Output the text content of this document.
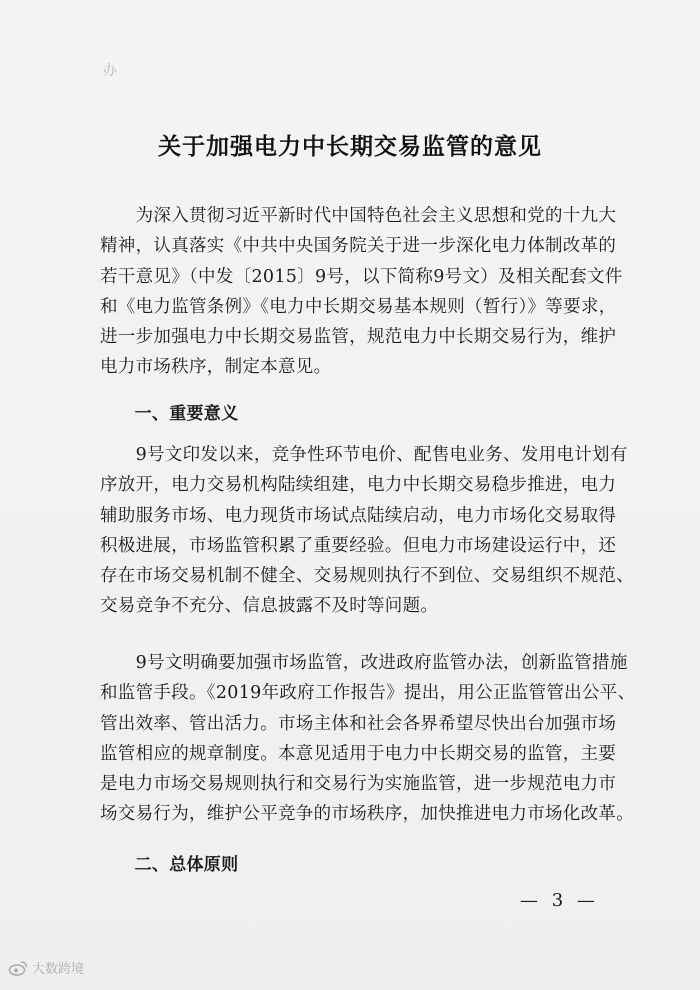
办
关于加强电力中长期交易监管的意见
　　为深入贯彻习近平新时代中国特色社会主义思想和党的十九大
精神，认真落实《中共中央国务院关于进一步深化电力体制改革的
若干意见》（中发〔2015〕9号，以下简称9号文）及相关配套文件
和《电力监管条例》《电力中长期交易基本规则（暂行）》等要求，
进一步加强电力中长期交易监管，规范电力中长期交易行为，维护
电力市场秩序，制定本意见。
　　一、重要意义
　　9号文印发以来，竞争性环节电价、配售电业务、发用电计划有
序放开，电力交易机构陆续组建，电力中长期交易稳步推进，电力
辅助服务市场、电力现货市场试点陆续启动，电力市场化交易取得
积极进展，市场监管积累了重要经验。但电力市场建设运行中，还
存在市场交易机制不健全、交易规则执行不到位、交易组织不规范、
交易竞争不充分、信息披露不及时等问题。
　　9号文明确要加强市场监管，改进政府监管办法，创新监管措施
和监管手段。《2019年政府工作报告》提出，用公正监管管出公平、
管出效率、管出活力。市场主体和社会各界希望尽快出台加强市场
监管相应的规章制度。本意见适用于电力中长期交易的监管，主要
是电力市场交易规则执行和交易行为实施监管，进一步规范电力市
场交易行为，维护公平竞争的市场秩序，加快推进电力市场化改革。
　　二、总体原则
— 3 —
大数跨境
